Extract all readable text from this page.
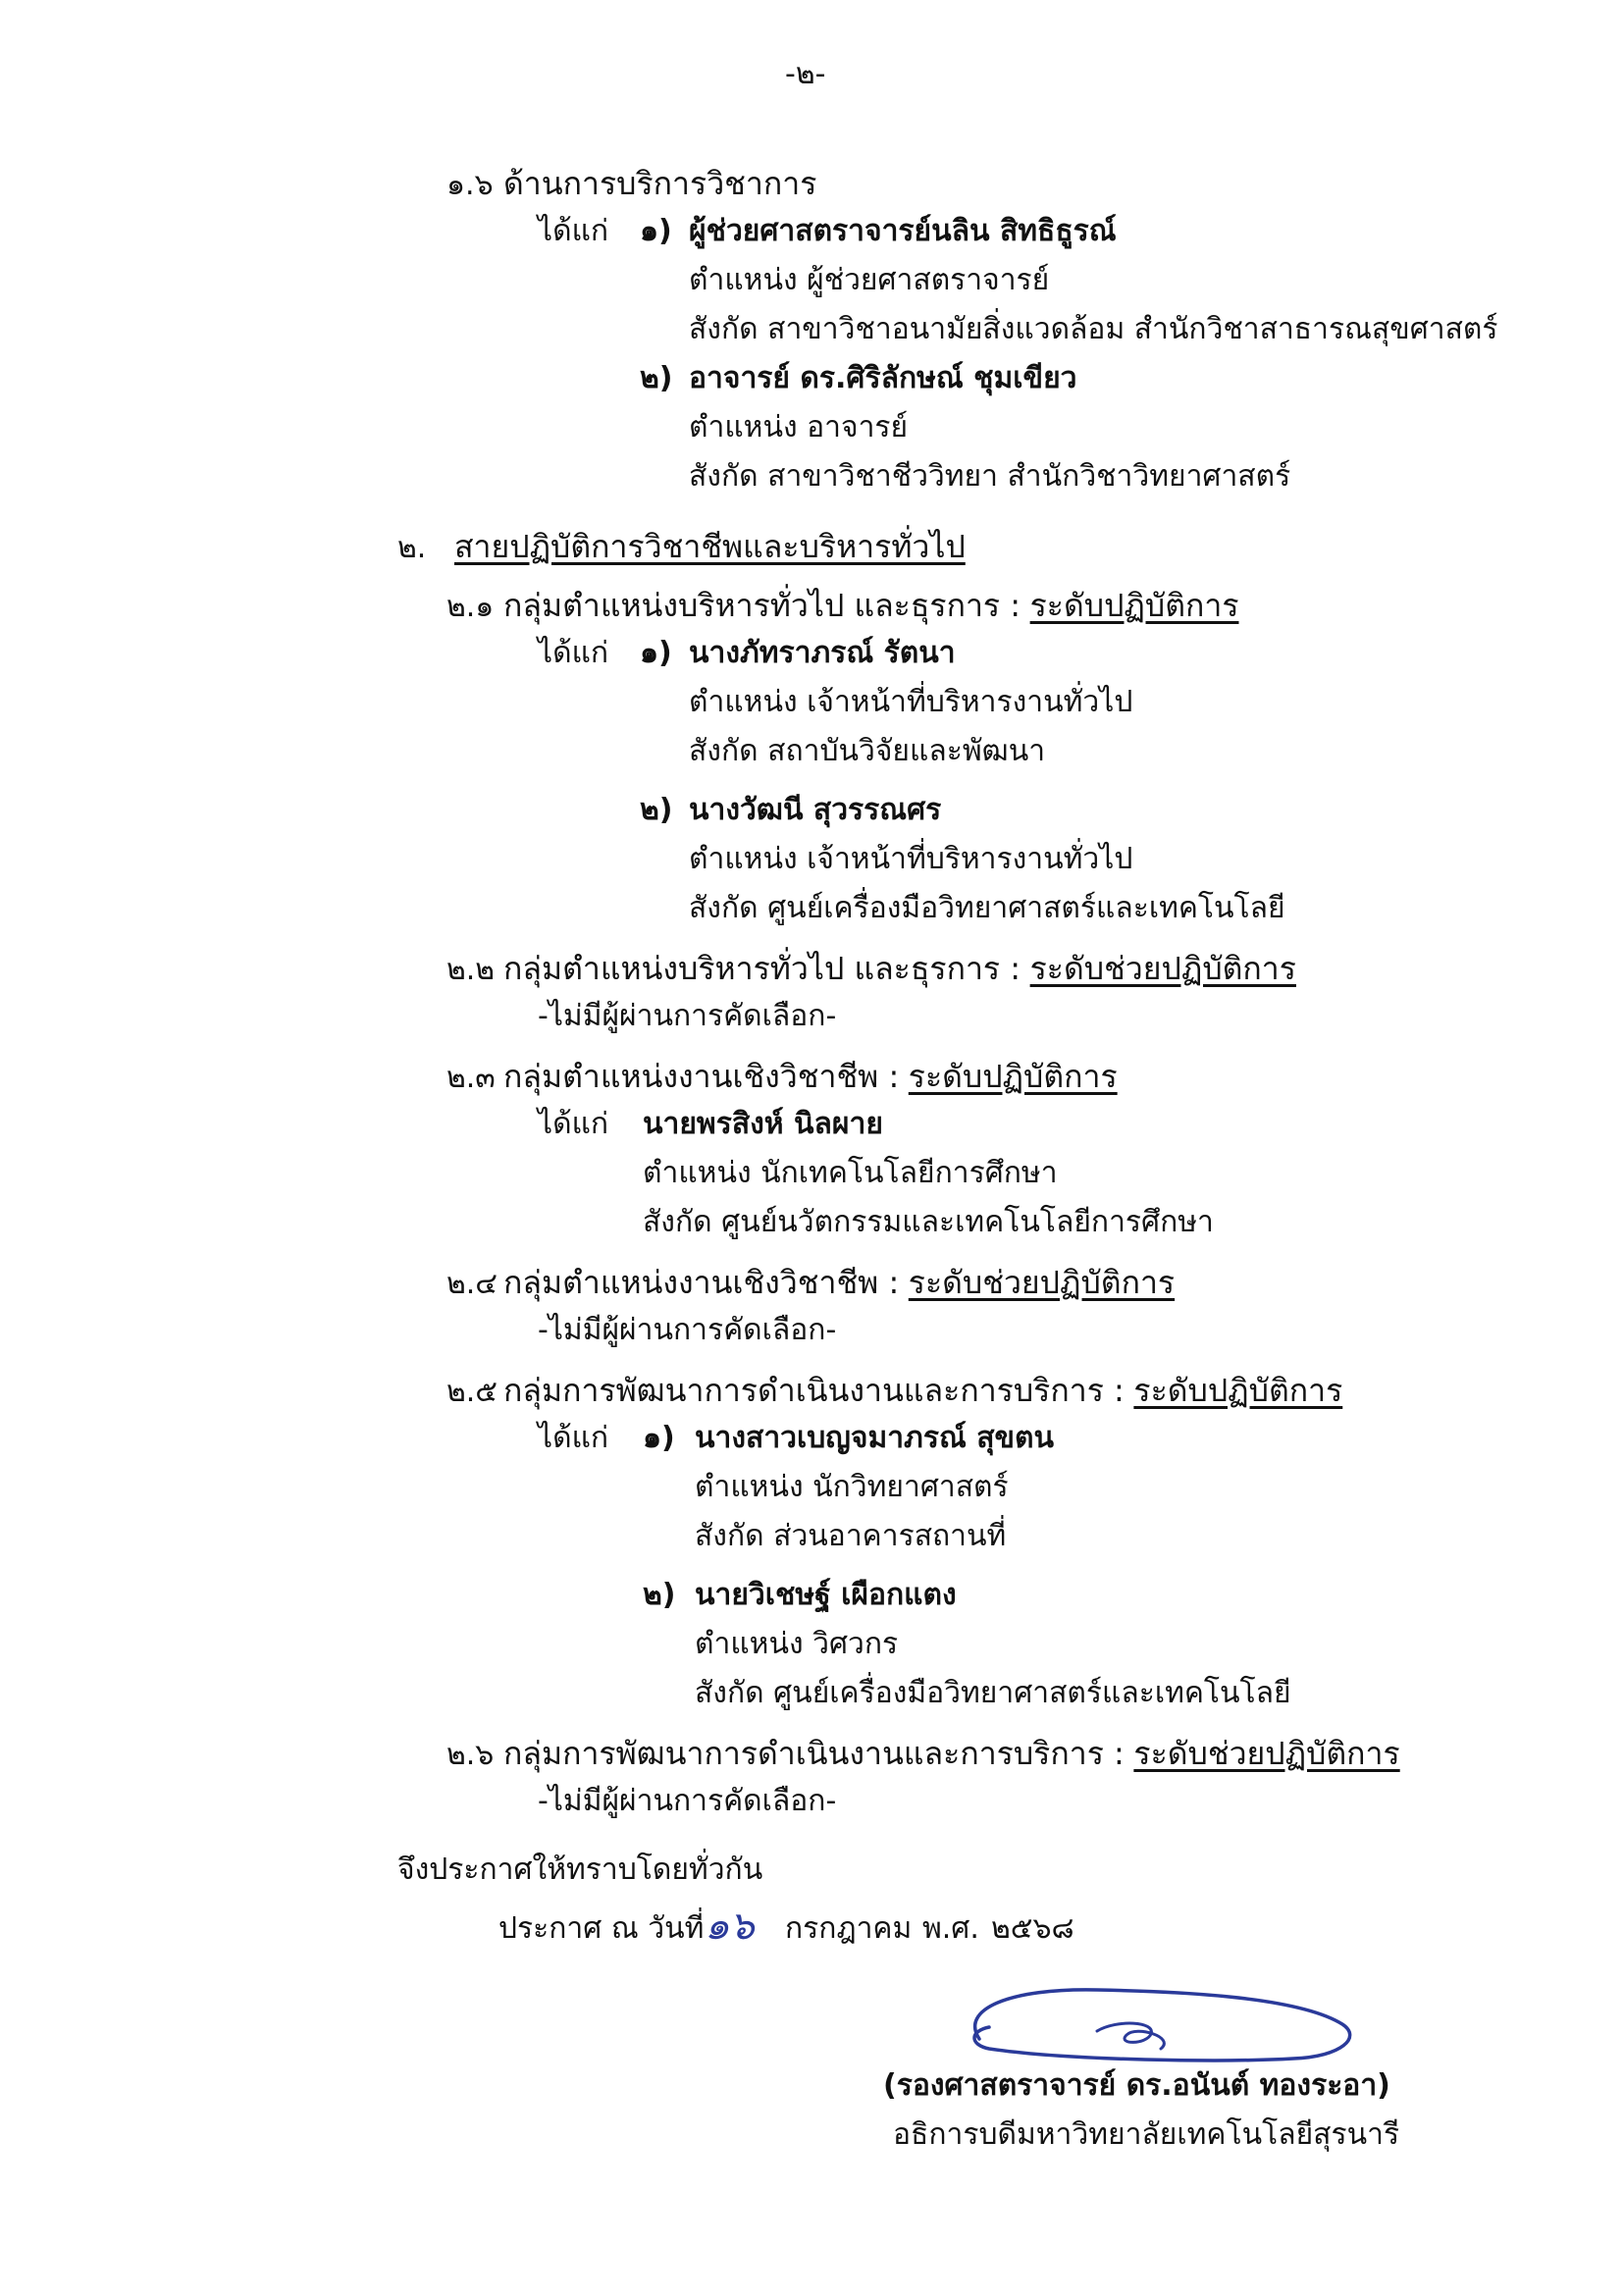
-๒-
๑.๖ ด้านการบริการวิชาการ
ได้แก่ ๑) ผู้ช่วยศาสตราจารย์นลิน สิทธิธูรณ์
ตำแหน่ง ผู้ช่วยศาสตราจารย์
สังกัด สาขาวิชาอนามัยสิ่งแวดล้อม สำนักวิชาสาธารณสุขศาสตร์
๒) อาจารย์ ดร.ศิริลักษณ์ ชุมเขียว
ตำแหน่ง อาจารย์
สังกัด สาขาวิชาชีววิทยา สำนักวิชาวิทยาศาสตร์
๒. สายปฏิบัติการวิชาชีพและบริหารทั่วไป
๒.๑ กลุ่มตำแหน่งบริหารทั่วไป และธุรการ : ระดับปฏิบัติการ
ได้แก่ ๑) นางภัทราภรณ์ รัตนา
ตำแหน่ง เจ้าหน้าที่บริหารงานทั่วไป
สังกัด สถาบันวิจัยและพัฒนา
๒) นางวัฒนี สุวรรณศร
ตำแหน่ง เจ้าหน้าที่บริหารงานทั่วไป
สังกัด ศูนย์เครื่องมือวิทยาศาสตร์และเทคโนโลยี
๒.๒ กลุ่มตำแหน่งบริหารทั่วไป และธุรการ : ระดับช่วยปฏิบัติการ
-ไม่มีผู้ผ่านการคัดเลือก-
๒.๓ กลุ่มตำแหน่งงานเชิงวิชาชีพ : ระดับปฏิบัติการ
ได้แก่ นายพรสิงห์ นิลผาย
ตำแหน่ง นักเทคโนโลยีการศึกษา
สังกัด ศูนย์นวัตกรรมและเทคโนโลยีการศึกษา
๒.๔ กลุ่มตำแหน่งงานเชิงวิชาชีพ : ระดับช่วยปฏิบัติการ
-ไม่มีผู้ผ่านการคัดเลือก-
๒.๕ กลุ่มการพัฒนาการดำเนินงานและการบริการ : ระดับปฏิบัติการ
ได้แก่ ๑) นางสาวเบญจมาภรณ์ สุขตน
ตำแหน่ง นักวิทยาศาสตร์
สังกัด ส่วนอาคารสถานที่
๒) นายวิเชษฐ์ เผือกแตง
ตำแหน่ง วิศวกร
สังกัด ศูนย์เครื่องมือวิทยาศาสตร์และเทคโนโลยี
๒.๖ กลุ่มการพัฒนาการดำเนินงานและการบริการ : ระดับช่วยปฏิบัติการ
-ไม่มีผู้ผ่านการคัดเลือก-
จึงประกาศให้ทราบโดยทั่วกัน
ประกาศ ณ วันที่ ๑๖ กรกฎาคม พ.ศ. ๒๕๖๘
(รองศาสตราจารย์ ดร.อนันต์ ทองระอา)
อธิการบดีมหาวิทยาลัยเทคโนโลยีสุรนารี
